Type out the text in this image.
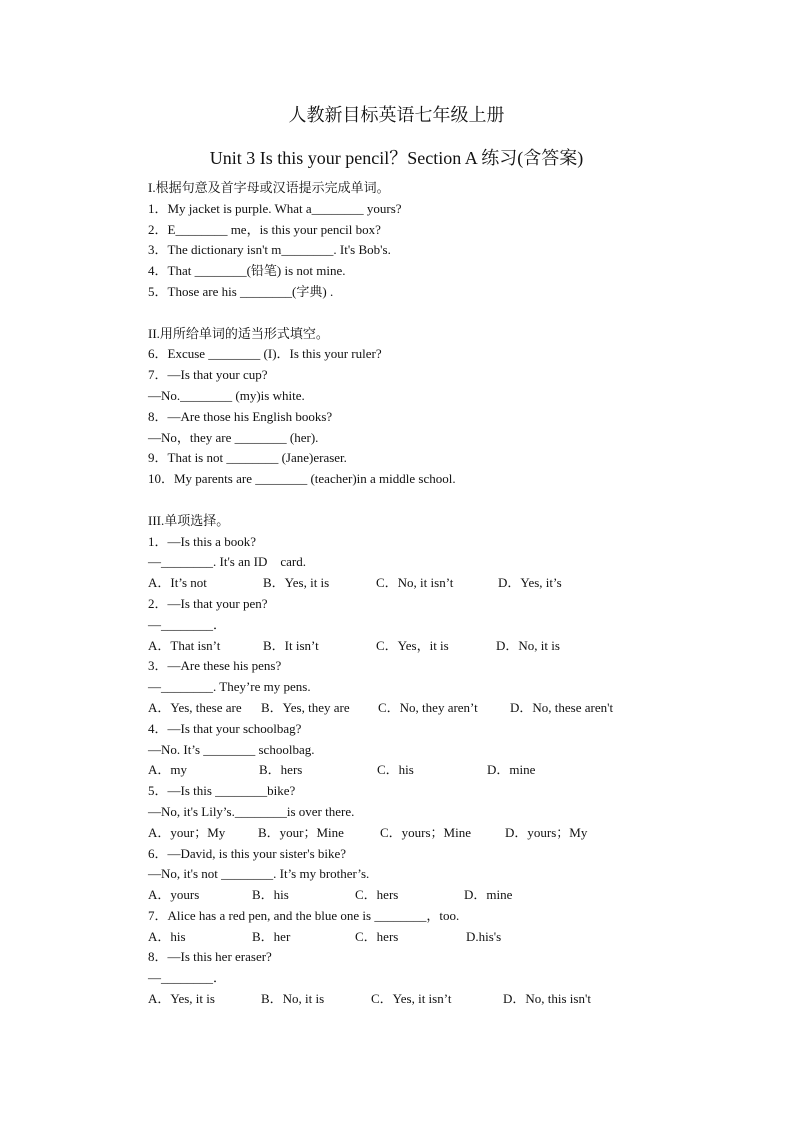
人教新目标英语七年级上册
Unit 3 Is this your pencil？Section A 练习(含答案)
I.根据句意及首字母或汉语提示完成单词。
1．My jacket is purple. What a________ yours?
2．E________ me，is this your pencil box?
3．The dictionary isn't m________. It's Bob's.
4．That ________(铅笔) is not mine.
5．Those are his ________(字典) .
II.用所给单词的适当形式填空。
6．Excuse ________ (I)．Is this your ruler?
7．—Is that your cup?
—No.________ (my)is white.
8．—Are those his English books?
—No，they are ________ (her).
9．That is not ________ (Jane)eraser.
10．My parents are ________ (teacher)in a middle school.
III.单项选择。
1．—Is this a book?
—________. It's an ID    card.

A．It’s not

	B．Yes, it is

	C．No, it isn’t

	D．Yes, it’s

2．—Is that your pen?
—________．

A．That isn’t

	B．It isn’t

	C．Yes，it is

	D．No, it is

3．—Are these his pens?
—________. They’re my pens.

A．Yes, these are

B．Yes, they are

C．No, they aren’t

D．No, these aren't

4．—Is that your schoolbag?
—No. It’s ________ schoolbag.

A．my

	B．hers

	C．his

	D．mine

5．—Is this ________bike?
—No, it's Lily’s.________is over there.

A．your；My

	B．your；Mine

	C．yours；Mine

	D．yours；My

6．—David, is this your sister's bike?
—No, it's not ________. It’s my brother’s.

A．yours

	B．his

	C．hers

	D．mine

7．Alice has a red pen, and the blue one is ________，too.

A．his

	B．her

	C．hers

	D.his's

8．—Is this her eraser?
—________．

A．Yes, it is

	B．No, it is

	C．Yes, it isn’t

	D．No, this isn't
